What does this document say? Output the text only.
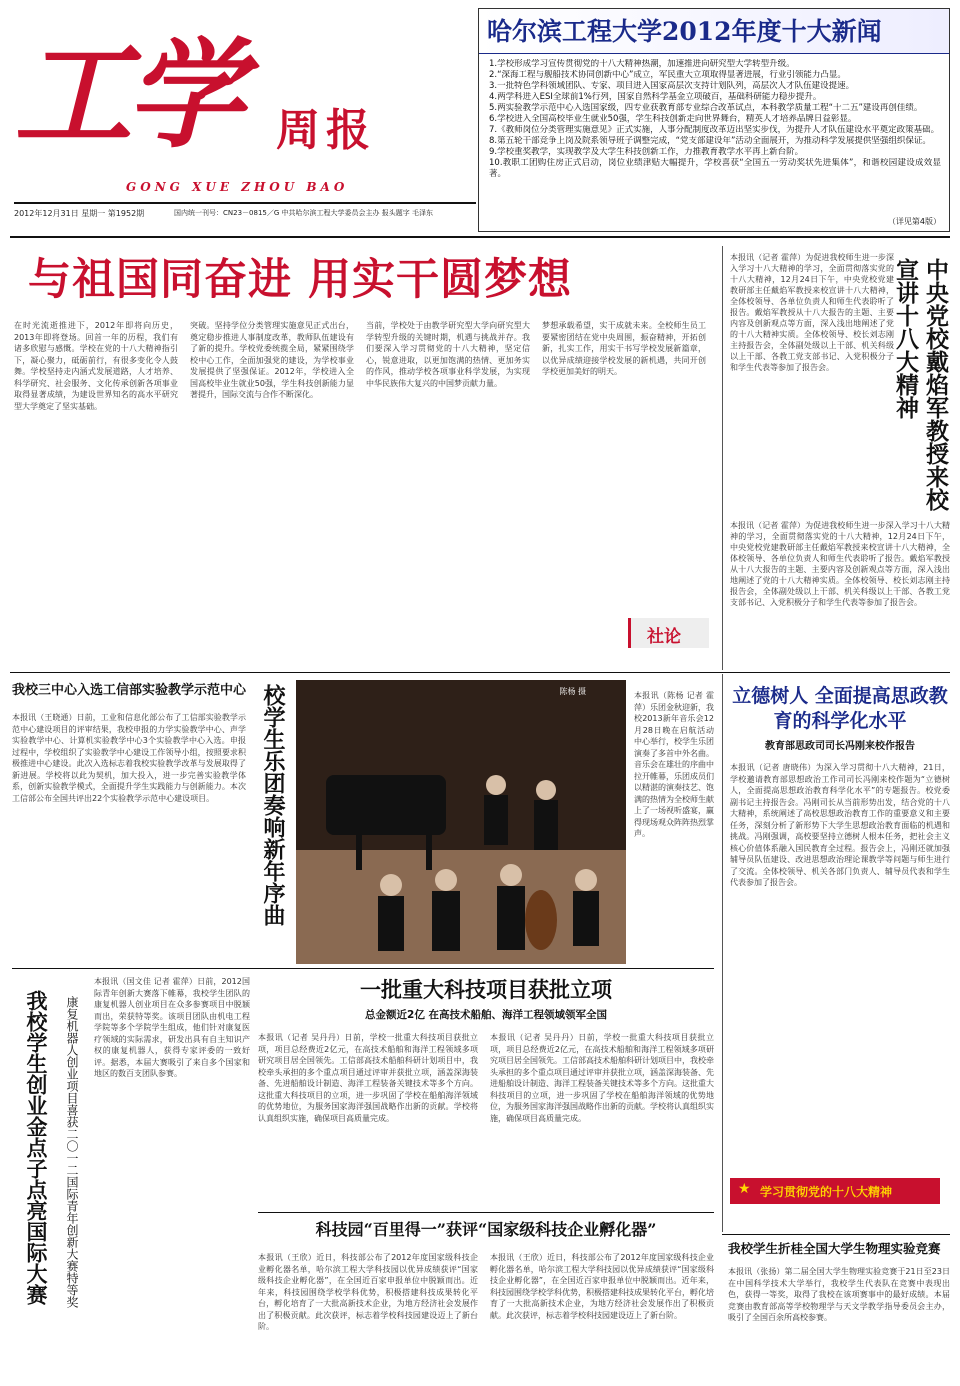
工学 周报
GONG XUE ZHOU BAO
2012年12月31日 星期一 第1952期	国内统一刊号：CN23－0815／G 中共哈尔滨工程大学委员会主办 报头题字 毛泽东
哈尔滨工程大学2012年度十大新闻
1.学校形成学习宣传贯彻党的十八大精神热潮，加速推进向研究型大学转型升级。
2.“深海工程与舰船技术协同创新中心”成立，军民重大立项取得显著进展，行业引领能力凸显。
3.一批特色学科领域团队、专家、项目进入国家高层次支持计划队列，高层次人才队伍建设提速。
4.两学科进入ESI全球前1%行列，国家自然科学基金立项破百，基础科研能力稳步提升。
5.两实验教学示范中心入选国家级，四专业获教育部专业综合改革试点，本科教学质量工程“十二五”建设再创佳绩。
6.学校进入全国高校毕业生就业50强，学生科技创新走向世界舞台，精英人才培养品牌日益彰显。
7.《教师岗位分类管理实施意见》正式实施，人事分配制度改革迈出坚实步伐，为提升人才队伍建设水平奠定政策基础。
8.第五轮干部竞争上岗及院系领导班子调整完成，“党支部建设年”活动全面展开，为推动科学发展提供坚强组织保证。
9.学校重奖教学，实现教学及大学生科技创新工作，力推教育教学水平再上新台阶。
10.教职工团购住房正式启动，岗位业绩津贴大幅提升，学校喜获“全国五一劳动奖状先进集体”，和谐校园建设成效显著。
（详见第4版）
与祖国同奋进 用实干圆梦想
在时光流逝推进下，2012年即将向历史，2013年即将登场。回首一年的历程，我们有诸多欣慰与感慨。学校在党的十八大精神指引下，凝心聚力，砥砺前行，有很多变化令人鼓舞。学校坚持走内涵式发展道路，人才培养、科学研究、社会服务、文化传承创新各项事业取得显著成绩，为建设世界知名的高水平研究型大学奠定了坚实基础。
突破。坚持学位分类管理实施意见正式出台，奠定稳步推进人事制度改革，教师队伍建设有了新的提升。学校党委统揽全局，紧紧围绕学校中心工作，全面加强党的建设，为学校事业发展提供了坚强保证。2012年，学校进入全国高校毕业生就业50强，学生科技创新能力显著提升，国际交流与合作不断深化。
当前，学校处于由教学研究型大学向研究型大学转型升级的关键时期，机遇与挑战并存。我们要深入学习贯彻党的十八大精神，坚定信心，锐意进取，以更加饱满的热情、更加务实的作风，推动学校各项事业科学发展，为实现中华民族伟大复兴的中国梦贡献力量。
梦想承载希望，实干成就未来。全校师生员工要紧密团结在党中央周围，振奋精神，开拓创新，扎实工作，用实干书写学校发展新篇章，以优异成绩迎接学校发展的新机遇，共同开创学校更加美好的明天。
社论
本报讯（记者 霍萍）为促进我校师生进一步深入学习十八大精神的学习，全面贯彻落实党的十八大精神，12月24日下午，中央党校党建教研部主任戴焰军教授来校宣讲十八大精神，全体校领导、各单位负责人和师生代表聆听了报告。戴焰军教授从十八大报告的主题、主要内容及创新观点等方面，深入浅出地阐述了党的十八大精神实质。全体校领导、校长刘志刚主持报告会，全体副处级以上干部、机关科级以上干部、各教工党支部书记、入党积极分子和学生代表等参加了报告会。	中央党校戴焰军教授来校宣讲十八大精神
本报讯（记者 霍萍）为促进我校师生进一步深入学习十八大精神的学习，全面贯彻落实党的十八大精神，12月24日下午，中央党校党建教研部主任戴焰军教授来校宣讲十八大精神，全体校领导、各单位负责人和师生代表聆听了报告。戴焰军教授从十八大报告的主题、主要内容及创新观点等方面，深入浅出地阐述了党的十八大精神实质。全体校领导、校长刘志刚主持报告会，全体副处级以上干部、机关科级以上干部、各教工党支部书记、入党积极分子和学生代表等参加了报告会。
我校三中心入选工信部实验教学示范中心
本报讯（王晓通）日前，工业和信息化部公布了工信部实验教学示范中心建设项目的评审结果，我校申报的力学实验教学中心、声学实验教学中心、计算机实验教学中心3个实验教学中心入选。申报过程中，学校组织了实验教学中心建设工作领导小组，按照要求积极推进中心建设。此次入选标志着我校实验教学改革与发展取得了新进展。学校将以此为契机，加大投入，进一步完善实验教学体系，创新实验教学模式，全面提升学生实践能力与创新能力。本次工信部公布全国共评出22个实验教学示范中心建设项目。	校学生乐团奏响新年序曲	陈杨 摄	本报讯（陈杨 记者 霍萍）乐团金秋迎新，我校2013新年音乐会12月28日晚在启航活动中心举行，校学生乐团演奏了多首中外名曲。音乐会在雄壮的序曲中拉开帷幕，乐团成员们以精湛的演奏技艺、饱满的热情为全校师生献上了一场视听盛宴，赢得现场观众阵阵热烈掌声。
立德树人 全面提高思政教育的科学化水平
教育部思政司司长冯刚来校作报告
本报讯（记者 唐晓伟）为深入学习贯彻十八大精神，21日，学校邀请教育部思想政治工作司司长冯刚来校作题为“立德树人，全面提高思想政治教育科学化水平”的专题报告。校党委副书记主持报告会。冯刚司长从当前形势出发，结合党的十八大精神，系统阐述了高校思想政治教育工作的重要意义和主要任务，深刻分析了新形势下大学生思想政治教育面临的机遇和挑战。冯刚强调，高校要坚持立德树人根本任务，把社会主义核心价值体系融入国民教育全过程。报告会上，冯刚还就加强辅导员队伍建设、改进思想政治理论课教学等问题与师生进行了交流。全体校领导、机关各部门负责人、辅导员代表和学生代表参加了报告会。
★ 学习贯彻党的十八大精神
我校学生创业金点子点亮国际大赛	康复机器人创业项目喜获二〇一二国际青年创新大赛特等奖
本报讯（国文佳 记者 霍萍）日前，2012国际青年创新大赛落下帷幕，我校学生团队的康复机器人创业项目在众多参赛项目中脱颖而出，荣获特等奖。该项目团队由机电工程学院等多个学院学生组成，他们针对康复医疗领域的实际需求，研发出具有自主知识产权的康复机器人，获得专家评委的一致好评。据悉，本届大赛吸引了来自多个国家和地区的数百支团队参赛。
一批重大科技项目获批立项
总金额近2亿 在高技术船舶、海洋工程领域领军全国
本报讯（记者 吴丹丹）日前，学校一批重大科技项目获批立项，项目总经费近2亿元，在高技术船舶和海洋工程领域多项研究项目居全国领先。工信部高技术船舶科研计划项目中，我校牵头承担的多个重点项目通过评审并获批立项，涵盖深海装备、先进船舶设计制造、海洋工程装备关键技术等多个方向。这批重大科技项目的立项，进一步巩固了学校在船舶海洋领域的优势地位，为服务国家海洋强国战略作出新的贡献。学校将认真组织实施，确保项目高质量完成。
本报讯（记者 吴丹丹）日前，学校一批重大科技项目获批立项，项目总经费近2亿元，在高技术船舶和海洋工程领域多项研究项目居全国领先。工信部高技术船舶科研计划项目中，我校牵头承担的多个重点项目通过评审并获批立项，涵盖深海装备、先进船舶设计制造、海洋工程装备关键技术等多个方向。这批重大科技项目的立项，进一步巩固了学校在船舶海洋领域的优势地位，为服务国家海洋强国战略作出新的贡献。学校将认真组织实施，确保项目高质量完成。
科技园“百里得一”获评“国家级科技企业孵化器”
本报讯（王欣）近日，科技部公布了2012年度国家级科技企业孵化器名单，哈尔滨工程大学科技园以优异成绩获评“国家级科技企业孵化器”，在全国近百家申报单位中脱颖而出。近年来，科技园围绕学校学科优势，积极搭建科技成果转化平台，孵化培育了一大批高新技术企业，为地方经济社会发展作出了积极贡献。此次获评，标志着学校科技园建设迈上了新台阶。
本报讯（王欣）近日，科技部公布了2012年度国家级科技企业孵化器名单，哈尔滨工程大学科技园以优异成绩获评“国家级科技企业孵化器”，在全国近百家申报单位中脱颖而出。近年来，科技园围绕学校学科优势，积极搭建科技成果转化平台，孵化培育了一大批高新技术企业，为地方经济社会发展作出了积极贡献。此次获评，标志着学校科技园建设迈上了新台阶。
我校学生折桂全国大学生物理实验竞赛
本报讯（张扬）第二届全国大学生物理实验竞赛于21日至23日在中国科学技术大学举行，我校学生代表队在竞赛中表现出色，获得一等奖，取得了我校在该项赛事中的最好成绩。本届竞赛由教育部高等学校物理学与天文学教学指导委员会主办，吸引了全国百余所高校参赛。
